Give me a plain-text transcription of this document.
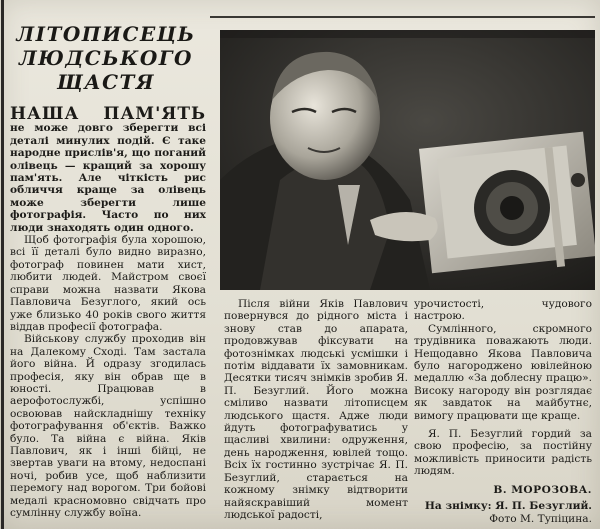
ЛІТОПИСЕЦЬ
ЛЮДСЬКОГО
ЩАСТЯ

НАША ПАМ'ЯТЬ не може довго зберегти всі деталі минулих подій. Є таке народне прислів'я, що поганий олівець — кращий за хорошу пам'ять. Але чіткість рис обличчя краще за олівець може зберегти лише фотографія. Часто по них люди знаходять один одного.

Щоб фотографія була хорошою, всі її деталі було видно виразно, фотограф повинен мати хист, любити людей. Майстром своєї справи можна назвати Якова Павловича Безуглого, який ось уже близько 40 років свого життя віддав професії фотографа.

Військову службу проходив він на Далекому Сході. Там застала його війна. Й одразу згодилась професія, яку він обрав ще в юності. Працював в аерофотослужбі, успішно освоював найскладнішу техніку фотографування об'єктів. Важко було. Та війна є війна. Яків Павлович, як і інші бійці, не звертав уваги на втому, недоспані ночі, робив усе, щоб наблизити перемогу над ворогом. Три бойові медалі красномовно свідчать про сумлінну службу воїна.

Після війни Яків Павлович повернувся до рідного міста і знову став до апарата, продовжував фіксувати на фотознімках людські усмішки і потім віддавати їх замовникам. Десятки тисяч знімків зробив Я. П. Безуглий. Його можна сміливо назвати літописцем людського щастя. Адже люди йдуть фотографуватись у щасливі хвилини: одруження, день народження, ювілей тощо. Всіх їх гостинно зустрічає Я. П. Безуглий, старається на кожному знімку відтворити найяскравіший момент людської радості,

урочистості, чудового настрою.

Сумлінного, скромного трудівника поважають люди. Нещодавно Якова Павловича було нагороджено ювілейною медаллю «За доблесну працю». Високу нагороду він розглядає як завдаток на майбутнє, вимогу працювати ще краще.

Я. П. Безуглий гордий за свою професію, за постійну можливість приносити радість людям.

В. МОРОЗОВА.

На знімку: Я. П. Безуглий.

Фото М. Тупіцина.
